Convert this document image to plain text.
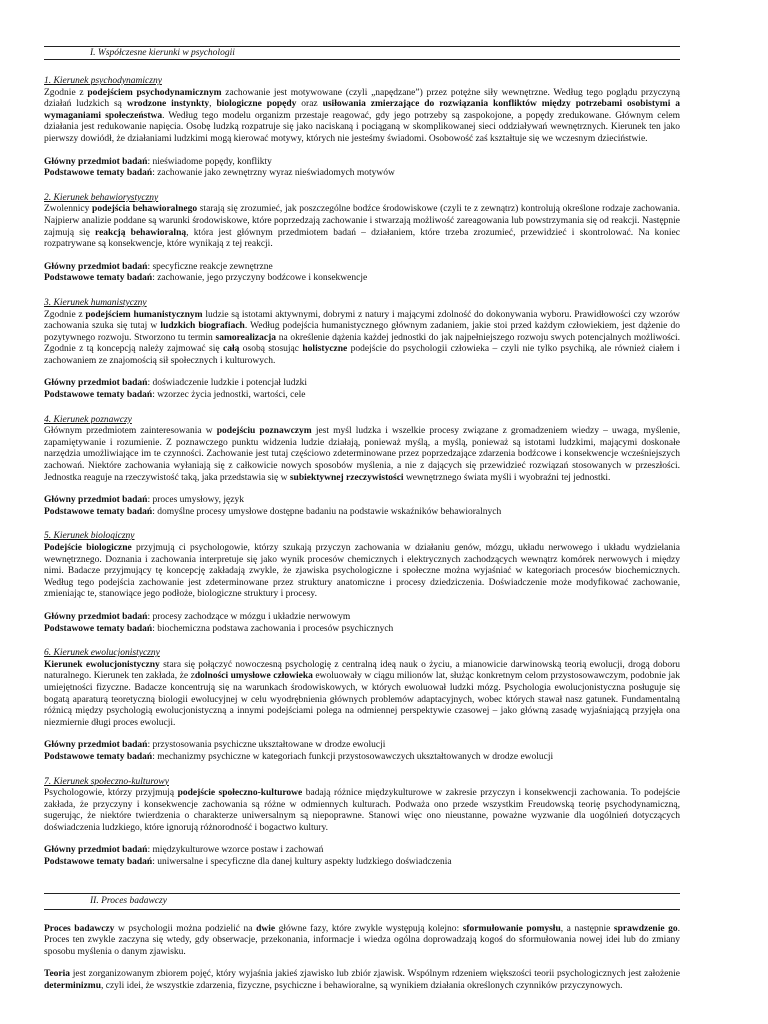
I. Współczesne kierunki w psychologii
1. Kierunek psychodynamiczny

Zgodnie z podejściem psychodynamicznym zachowanie jest motywowane (czyli „napędzane”) przez potężne siły wewnętrzne. Według tego poglądu przyczyną działań ludzkich są wrodzone instynkty, biologiczne popędy oraz usiłowania zmierzające do rozwiązania konfliktów między potrzebami osobistymi a wymaganiami społeczeństwa. Według tego modelu organizm przestaje reagować, gdy jego potrzeby są zaspokojone, a popędy zredukowane. Głównym celem działania jest redukowanie napięcia. Osobę ludzką rozpatruje się jako naciskaną i pociąganą w skomplikowanej sieci oddziaływań wewnętrznych. Kierunek ten jako pierwszy dowiódł, że działaniami ludzkimi mogą kierować motywy, których nie jesteśmy świadomi. Osobowość zaś kształtuje się we wczesnym dzieciństwie.

Główny przedmiot badań: nieświadome popędy, konflikty

Podstawowe tematy badań: zachowanie jako zewnętrzny wyraz nieświadomych motywów

2. Kierunek behawiorystyczny

Zwolennicy podejścia behawioralnego starają się zrozumieć, jak poszczególne bodźce środowiskowe (czyli te z zewnątrz) kontrolują określone rodzaje zachowania. Najpierw analizie poddane są warunki środowiskowe, które poprzedzają zachowanie i stwarzają możliwość zareagowania lub powstrzymania się od reakcji. Następnie zajmują się reakcją behawioralną, która jest głównym przedmiotem badań – działaniem, które trzeba zrozumieć, przewidzieć i skontrolować. Na koniec rozpatrywane są konsekwencje, które wynikają z tej reakcji.

Główny przedmiot badań: specyficzne reakcje zewnętrzne

Podstawowe tematy badań: zachowanie, jego przyczyny bodźcowe i konsekwencje

3. Kierunek humanistyczny

Zgodnie z podejściem humanistycznym ludzie są istotami aktywnymi, dobrymi z natury i mającymi zdolność do dokonywania wyboru. Prawidłowości czy wzorów zachowania szuka się tutaj w ludzkich biografiach. Według podejścia humanistycznego głównym zadaniem, jakie stoi przed każdym człowiekiem, jest dążenie do pozytywnego rozwoju. Stworzono tu termin samorealizacja na określenie dążenia każdej jednostki do jak najpełniejszego rozwoju swych potencjalnych możliwości. Zgodnie z tą koncepcją należy zajmować się całą osobą stosując holistyczne podejście do psychologii człowieka – czyli nie tylko psychiką, ale również ciałem i zachowaniem ze znajomością sił społecznych i kulturowych.

Główny przedmiot badań: doświadczenie ludzkie i potencjał ludzki

Podstawowe tematy badań: wzorzec życia jednostki, wartości, cele

4. Kierunek poznawczy

Głównym przedmiotem zainteresowania w podejściu poznawczym jest myśl ludzka i wszelkie procesy związane z gromadzeniem wiedzy – uwaga, myślenie, zapamiętywanie i rozumienie. Z poznawczego punktu widzenia ludzie działają, ponieważ myślą, a myślą, ponieważ są istotami ludzkimi, mającymi doskonałe narzędzia umożliwiające im te czynności. Zachowanie jest tutaj częściowo zdeterminowane przez poprzedzające zdarzenia bodźcowe i konsekwencje wcześniejszych zachowań. Niektóre zachowania wyłaniają się z całkowicie nowych sposobów myślenia, a nie z dających się przewidzieć rozwiązań stosowanych w przeszłości. Jednostka reaguje na rzeczywistość taką, jaka przedstawia się w subiektywnej rzeczywistości wewnętrznego świata myśli i wyobraźni tej jednostki.

Główny przedmiot badań: proces umysłowy, język

Podstawowe tematy badań: domyślne procesy umysłowe dostępne badaniu na podstawie wskaźników behawioralnych

5. Kierunek biologiczny

Podejście biologiczne przyjmują ci psychologowie, którzy szukają przyczyn zachowania w działaniu genów, mózgu, układu nerwowego i układu wydzielania wewnętrznego. Doznania i zachowania interpretuje się jako wynik procesów chemicznych i elektrycznych zachodzących wewnątrz komórek nerwowych i między nimi. Badacze przyjmujący tę koncepcję zakładają zwykle, że zjawiska psychologiczne i społeczne można wyjaśniać w kategoriach procesów biochemicznych. Według tego podejścia zachowanie jest zdeterminowane przez struktury anatomiczne i procesy dziedziczenia. Doświadczenie może modyfikować zachowanie, zmieniając te, stanowiące jego podłoże, biologiczne struktury i procesy.

Główny przedmiot badań: procesy zachodzące w mózgu i układzie nerwowym

Podstawowe tematy badań: biochemiczna podstawa zachowania i procesów psychicznych

6. Kierunek ewolucjonistyczny

Kierunek ewolucjonistyczny stara się połączyć nowoczesną psychologię z centralną ideą nauk o życiu, a mianowicie darwinowską teorią ewolucji, drogą doboru naturalnego. Kierunek ten zakłada, że zdolności umysłowe człowieka ewoluowały w ciągu milionów lat, służąc konkretnym celom przystosowawczym, podobnie jak umiejętności fizyczne. Badacze koncentrują się na warunkach środowiskowych, w których ewoluował ludzki mózg. Psychologia ewolucjonistyczna posługuje się bogatą aparaturą teoretyczną biologii ewolucyjnej w celu wyodrębnienia głównych problemów adaptacyjnych, wobec których stawał nasz gatunek. Fundamentalną różnicą między psychologią ewolucjonistyczną a innymi podejściami polega na odmiennej perspektywie czasowej – jako główną zasadę wyjaśniającą przyjęła ona niezmiernie długi proces ewolucji.

Główny przedmiot badań: przystosowania psychiczne ukształtowane w drodze ewolucji

Podstawowe tematy badań: mechanizmy psychiczne w kategoriach funkcji przystosowawczych ukształtowanych w drodze ewolucji

7. Kierunek społeczno-kulturowy

Psychologowie, którzy przyjmują podejście społeczno-kulturowe badają różnice międzykulturowe w zakresie przyczyn i konsekwencji zachowania. To podejście zakłada, że przyczyny i konsekwencje zachowania są różne w odmiennych kulturach. Podważa ono przede wszystkim Freudowską teorię psychodynamiczną, sugerując, że niektóre twierdzenia o charakterze uniwersalnym są niepoprawne. Stanowi więc ono nieustanne, poważne wyzwanie dla uogólnień dotyczących doświadczenia ludzkiego, które ignorują różnorodność i bogactwo kultury.

Główny przedmiot badań: międzykulturowe wzorce postaw i zachowań

Podstawowe tematy badań: uniwersalne i specyficzne dla danej kultury aspekty ludzkiego doświadczenia

II. Proces badawczy

Proces badawczy w psychologii można podzielić na dwie główne fazy, które zwykle występują kolejno: sformułowanie pomysłu, a następnie sprawdzenie go. Proces ten zwykle zaczyna się wtedy, gdy obserwacje, przekonania, informacje i wiedza ogólna doprowadzają kogoś do sformułowania nowej idei lub do zmiany sposobu myślenia o danym zjawisku.

Teoria jest zorganizowanym zbiorem pojęć, który wyjaśnia jakieś zjawisko lub zbiór zjawisk. Wspólnym rdzeniem większości teorii psychologicznych jest założenie determinizmu, czyli idei, że wszystkie zdarzenia, fizyczne, psychiczne i behawioralne, są wynikiem działania określonych czynników przyczynowych.
